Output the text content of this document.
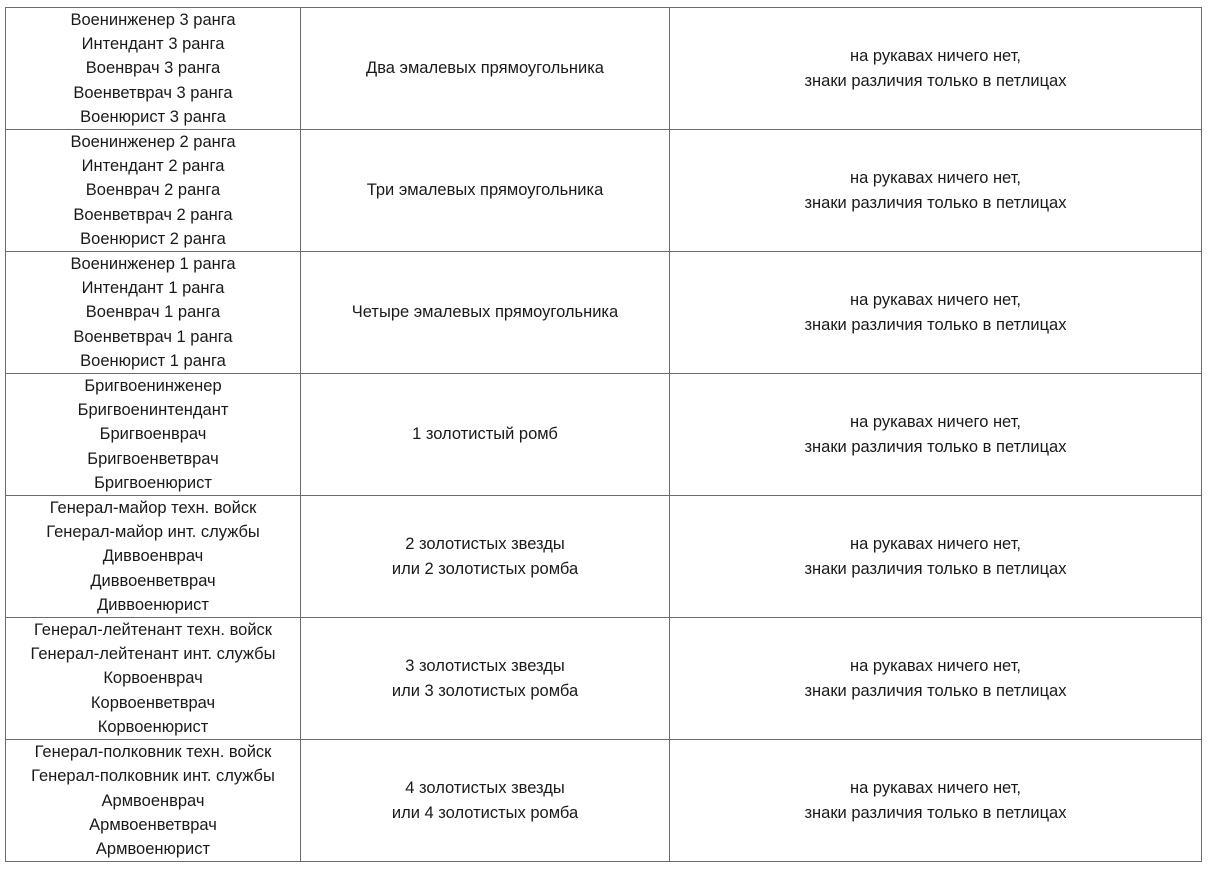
Военинженер 3 ранга
Интендант 3 ранга
Военврач 3 ранга
Военветврач 3 ранга
Военюрист 3 ранга	Два эмалевых прямоугольника	на рукавах ничего нет,
знаки различия только в петлицах

Военинженер 2 ранга
Интендант 2 ранга
Военврач 2 ранга
Военветврач 2 ранга
Военюрист 2 ранга	Три эмалевых прямоугольника	на рукавах ничего нет,
знаки различия только в петлицах

Военинженер 1 ранга
Интендант 1 ранга
Военврач 1 ранга
Военветврач 1 ранга
Военюрист 1 ранга	Четыре эмалевых прямоугольника	на рукавах ничего нет,
знаки различия только в петлицах

Бригвоенинженер
Бригвоенинтендант
Бригвоенврач
Бригвоенветврач
Бригвоенюрист	1 золотистый ромб	на рукавах ничего нет,
знаки различия только в петлицах

Генерал-майор техн. войск
Генерал-майор инт. службы
Диввоенврач
Диввоенветврач
Диввоенюрист	2 золотистых звезды
или 2 золотистых ромба	на рукавах ничего нет,
знаки различия только в петлицах

Генерал-лейтенант техн. войск
Генерал-лейтенант инт. службы
Корвоенврач
Корвоенветврач
Корвоенюрист	3 золотистых звезды
или 3 золотистых ромба	на рукавах ничего нет,
знаки различия только в петлицах

Генерал-полковник техн. войск
Генерал-полковник инт. службы
Армвоенврач
Армвоенветврач
Армвоенюрист	4 золотистых звезды
или 4 золотистых ромба	на рукавах ничего нет,
знаки различия только в петлицах
